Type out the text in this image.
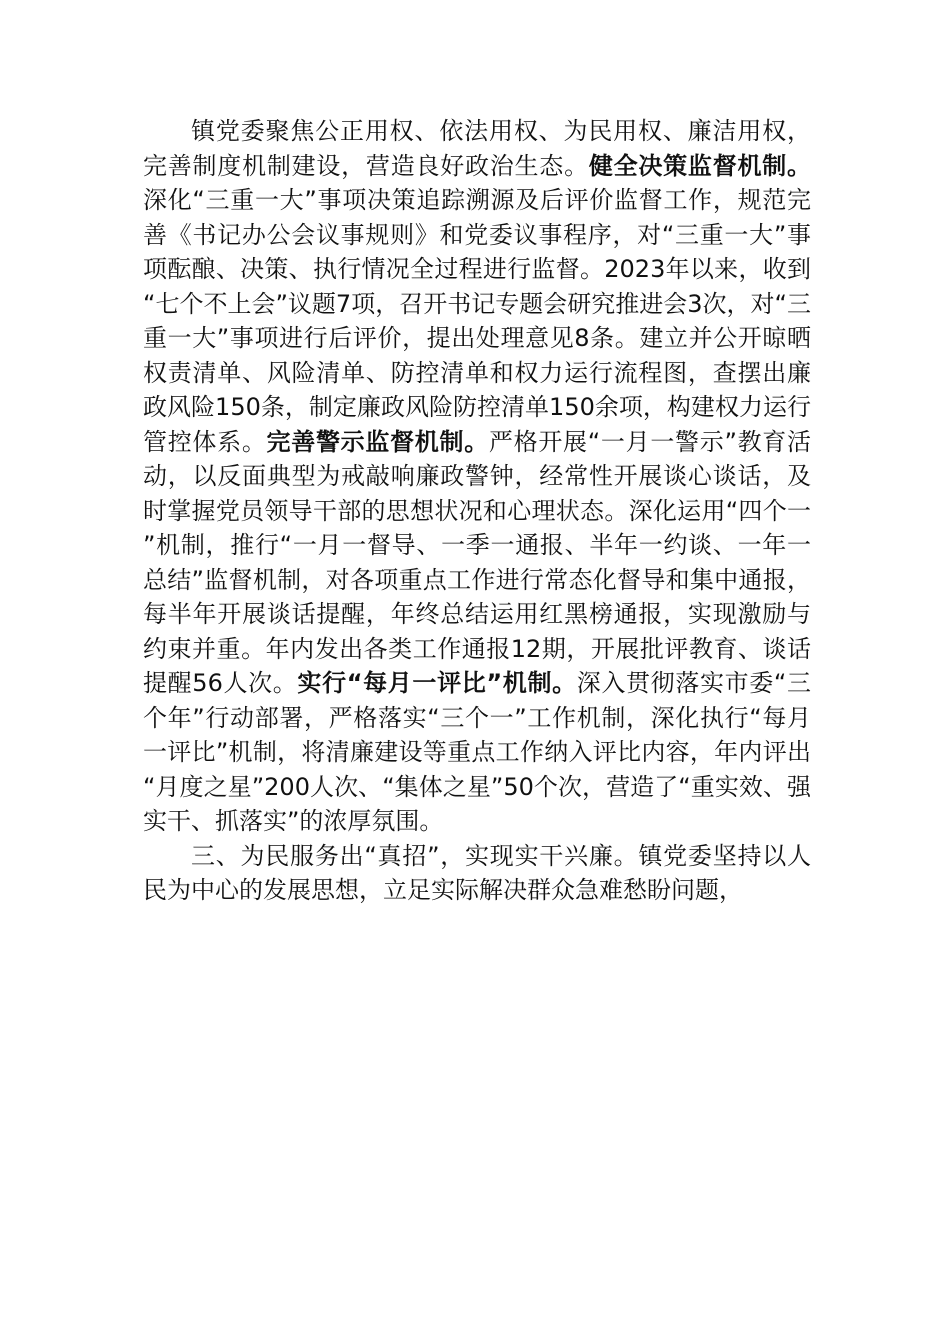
镇党委聚焦公正用权、依法用权、为民用权、廉洁用权，完善制度机制建设，营造良好政治生态。健全决策监督机制。深化“三重一大”事项决策追踪溯源及后评价监督工作，规范完善《书记办公会议事规则》和党委议事程序，对“三重一大”事项酝酿、决策、执行情况全过程进行监督。2023年以来，收到“七个不上会”议题7项，召开书记专题会研究推进会3次，对“三重一大”事项进行后评价，提出处理意见8条。建立并公开晾晒权责清单、风险清单、防控清单和权力运行流程图，查摆出廉政风险150条，制定廉政风险防控清单150余项，构建权力运行管控体系。完善警示监督机制。严格开展“一月一警示”教育活动，以反面典型为戒敲响廉政警钟，经常性开展谈心谈话，及时掌握党员领导干部的思想状况和心理状态。深化运用“四个一”机制，推行“一月一督导、一季一通报、半年一约谈、一年一总结”监督机制，对各项重点工作进行常态化督导和集中通报，每半年开展谈话提醒，年终总结运用红黑榜通报，实现激励与约束并重。年内发出各类工作通报12期，开展批评教育、谈话提醒56人次。实行“每月一评比”机制。深入贯彻落实市委“三个年”行动部署，严格落实“三个一”工作机制，深化执行“每月一评比”机制，将清廉建设等重点工作纳入评比内容，年内评出“月度之星”200人次、“集体之星”50个次，营造了“重实效、强实干、抓落实”的浓厚氛围。

三、为民服务出“真招”，实现实干兴廉。镇党委坚持以人民为中心的发展思想，立足实际解决群众急难愁盼问题，
